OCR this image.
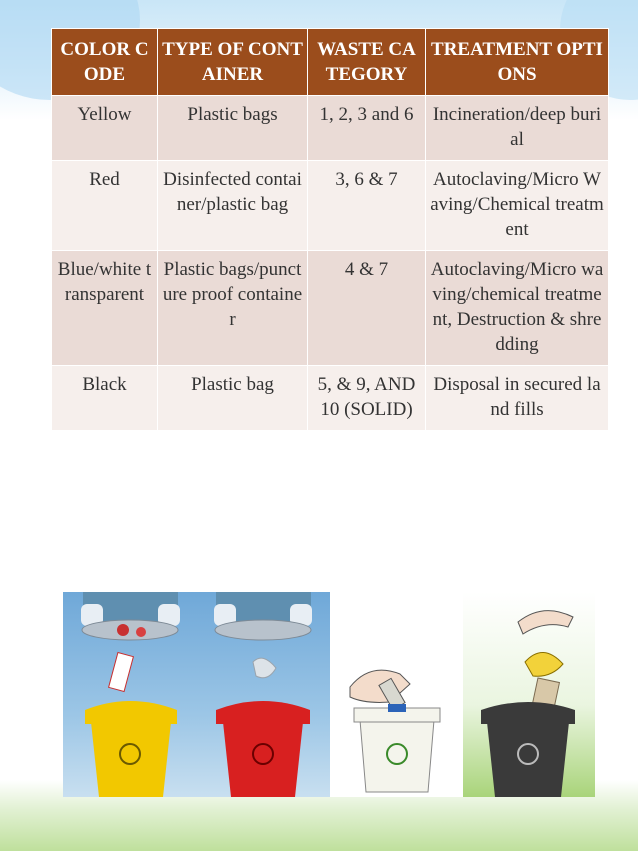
COLOR CODE	TYPE OF CONTAINER	WASTE CATEGORY	TREATMENT OPTIONS
Yellow	Plastic bags	1, 2, 3 and 6	Incineration/deep burial
Red	Disinfected container/plastic bag	3, 6 & 7	Autoclaving/Micro Waving/Chemical treatment
Blue/white transparent	Plastic bags/puncture proof container	4 & 7	Autoclaving/Micro waving/chemical treatment, Destruction & shredding
Black	Plastic bag	5, & 9, AND 10 (SOLID)	Disposal in secured land fills
